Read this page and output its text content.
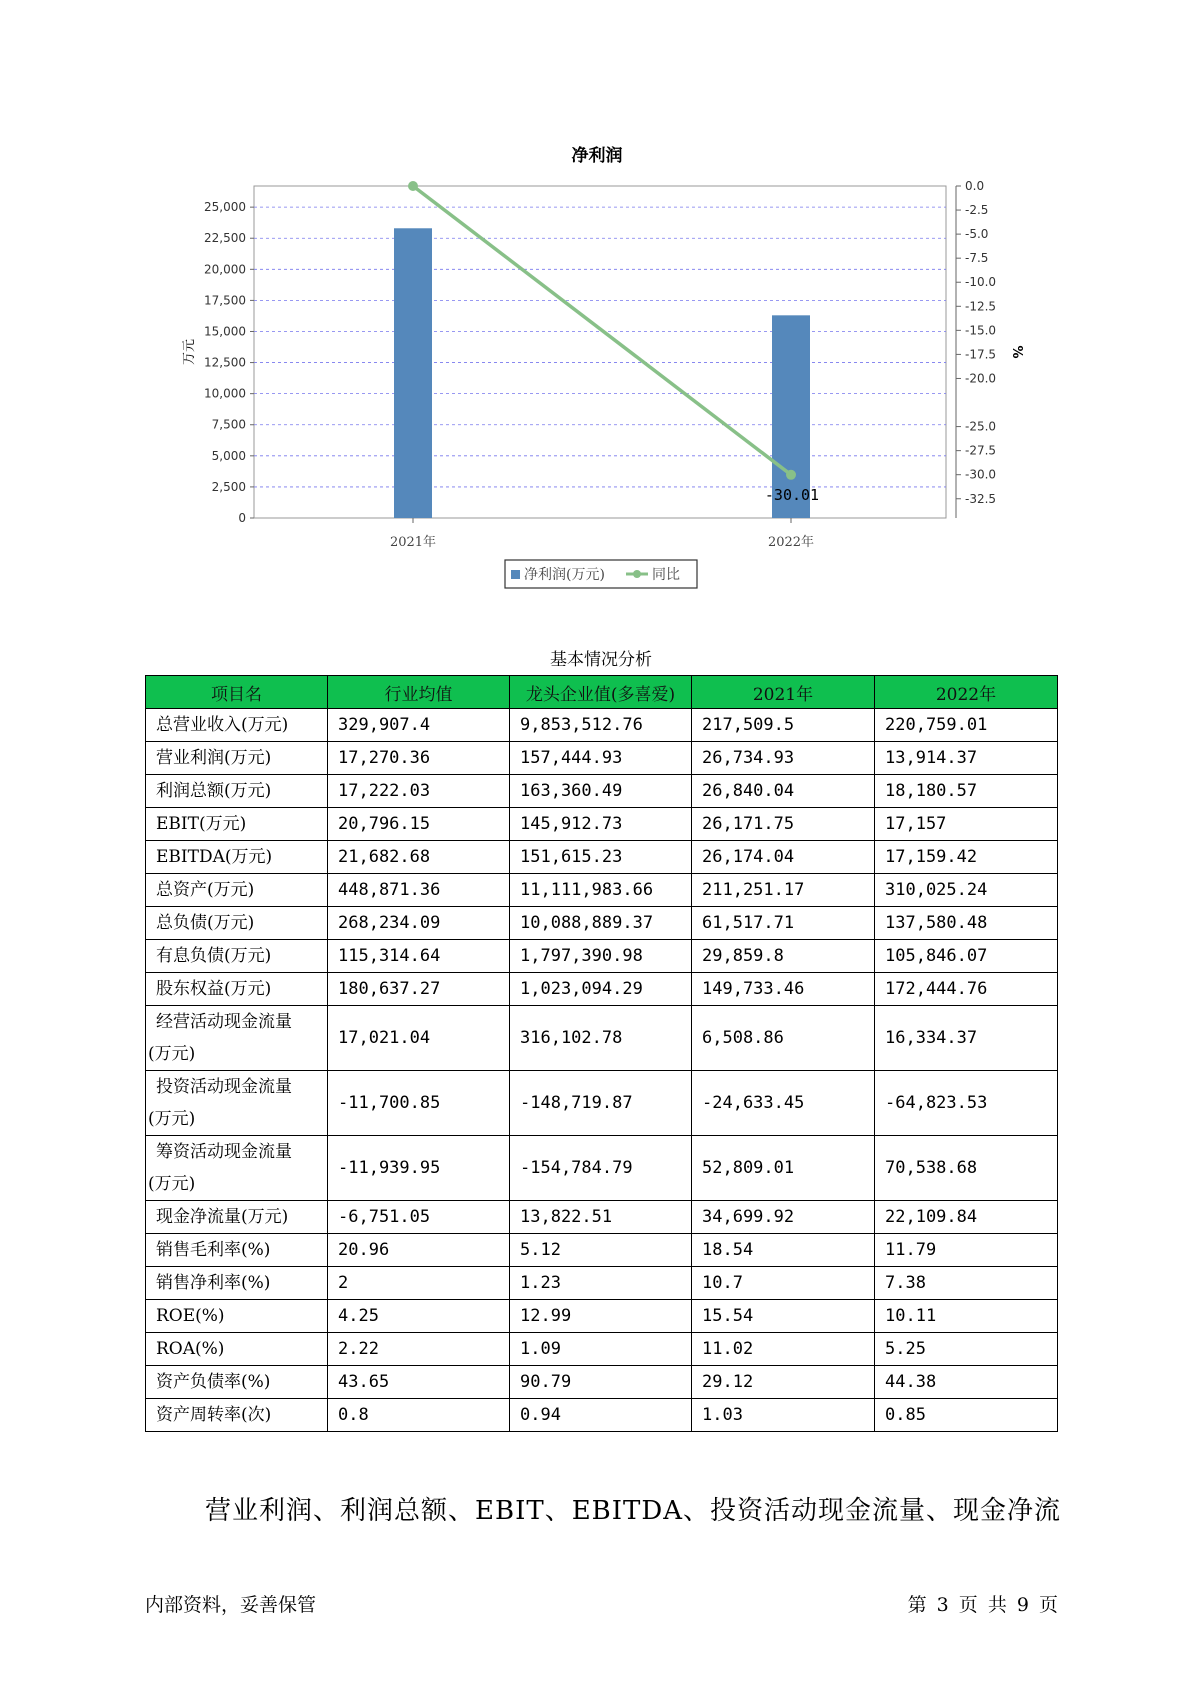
净利润
0
2,500
5,000
7,500
10,000
12,500
15,000
17,500
20,000
22,500
25,000
0.0
-2.5
-5.0
-7.5
-10.0
-12.5
-15.0
-17.5
-20.0
-25.0
-27.5
-30.0
-32.5
万元	%
2021年	2022年
-30.01
净利润(万元)	同比
基本情况分析
项目名	行业均值	龙头企业值(多喜爱)	2021年	2022年

总营业收入(万元)	329,907.4	9,853,512.76	217,509.5	220,759.01

营业利润(万元)	17,270.36	157,444.93	26,734.93	13,914.37

利润总额(万元)	17,222.03	163,360.49	26,840.04	18,180.57

EBIT(万元)	20,796.15	145,912.73	26,171.75	17,157

EBITDA(万元)	21,682.68	151,615.23	26,174.04	17,159.42

总资产(万元)	448,871.36	11,111,983.66	211,251.17	310,025.24

总负债(万元)	268,234.09	10,088,889.37	61,517.71	137,580.48

有息负债(万元)	115,314.64	1,797,390.98	29,859.8	105,846.07

股东权益(万元)	180,637.27	1,023,094.29	149,733.46	172,444.76

经营活动现金流量
(万元)	17,021.04	316,102.78	6,508.86	16,334.37

投资活动现金流量
(万元)	-11,700.85	-148,719.87	-24,633.45	-64,823.53

筹资活动现金流量
(万元)	-11,939.95	-154,784.79	52,809.01	70,538.68

现金净流量(万元)	-6,751.05	13,822.51	34,699.92	22,109.84

销售毛利率(%)	20.96	5.12	18.54	11.79

销售净利率(%)	2	1.23	10.7	7.38

ROE(%)	4.25	12.99	15.54	10.11

ROA(%)	2.22	1.09	11.02	5.25

资产负债率(%)	43.65	90.79	29.12	44.38

资产周转率(次)	0.8	0.94	1.03	0.85
营业利润、利润总额、EBIT、EBITDA、投资活动现金流量、现金净流
内部资料，妥善保管	第 3 页 共 9 页
